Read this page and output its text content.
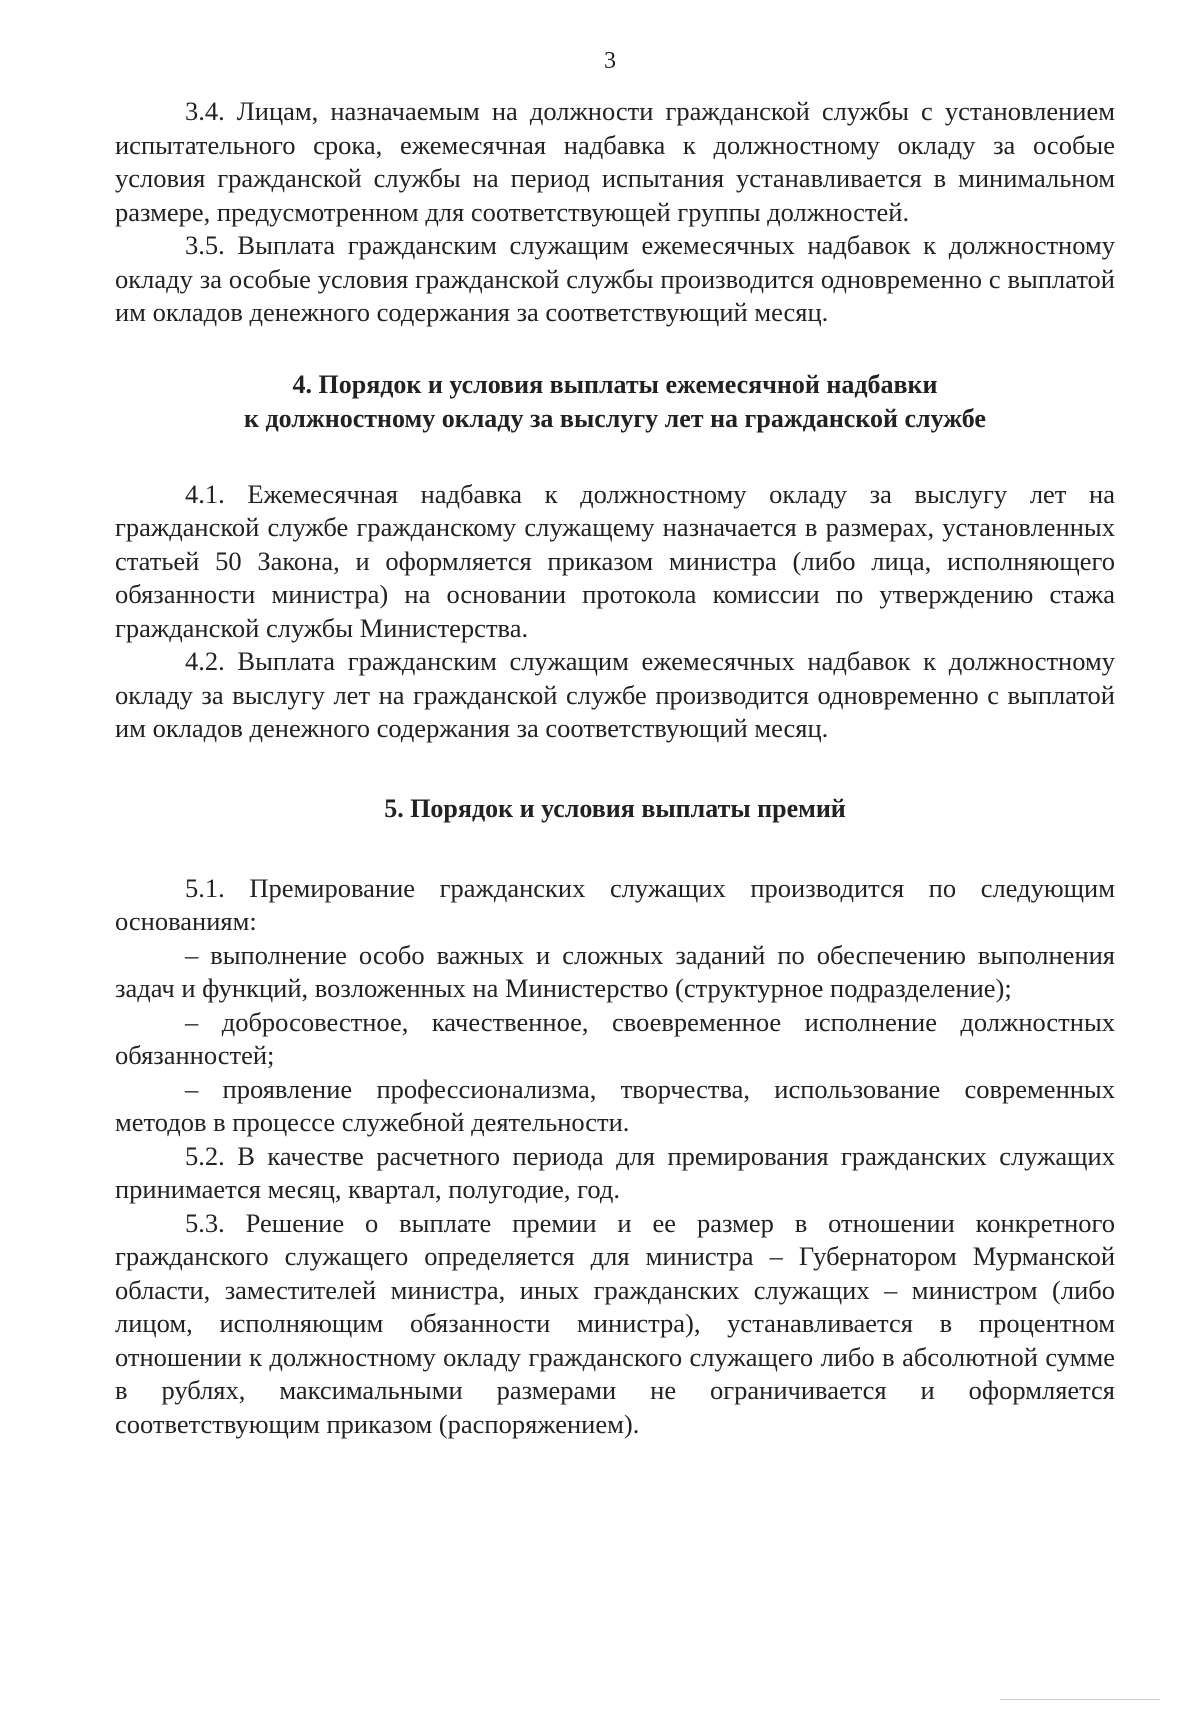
3

3.4. Лицам, назначаемым на должности гражданской службы с установлением испытательного срока, ежемесячная надбавка к должностному окладу за особые условия гражданской службы на период испытания устанавливается в минимальном размере, предусмотренном для соответствующей группы должностей.

3.5. Выплата гражданским служащим ежемесячных надбавок к должностному окладу за особые условия гражданской службы производится одновременно с выплатой им окладов денежного содержания за соответствующий месяц.

4. Порядок и условия выплаты ежемесячной надбавки
к должностному окладу за выслугу лет на гражданской службе

4.1. Ежемесячная надбавка к должностному окладу за выслугу лет на гражданской службе гражданскому служащему назначается в размерах, установленных статьей 50 Закона, и оформляется приказом министра (либо лица, исполняющего обязанности министра) на основании протокола комиссии по утверждению стажа гражданской службы Министерства.

4.2. Выплата гражданским служащим ежемесячных надбавок к должностному окладу за выслугу лет на гражданской службе производится одновременно с выплатой им окладов денежного содержания за соответствующий месяц.

5. Порядок и условия выплаты премий

5.1. Премирование гражданских служащих производится по следующим основаниям:

– выполнение особо важных и сложных заданий по обеспечению выполнения задач и функций, возложенных на Министерство (структурное подразделение);

– добросовестное, качественное, своевременное исполнение должностных обязанностей;

– проявление профессионализма, творчества, использование современных методов в процессе служебной деятельности.

5.2. В качестве расчетного периода для премирования гражданских служащих принимается месяц, квартал, полугодие, год.

5.3. Решение о выплате премии и ее размер в отношении конкретного гражданского служащего определяется для министра – Губернатором Мурманской области, заместителей министра, иных гражданских служащих – министром (либо лицом, исполняющим обязанности министра), устанавливается в процентном отношении к должностному окладу гражданского служащего либо в абсолютной сумме в рублях, максимальными размерами не ограничивается и оформляется соответствующим приказом (распоряжением).
